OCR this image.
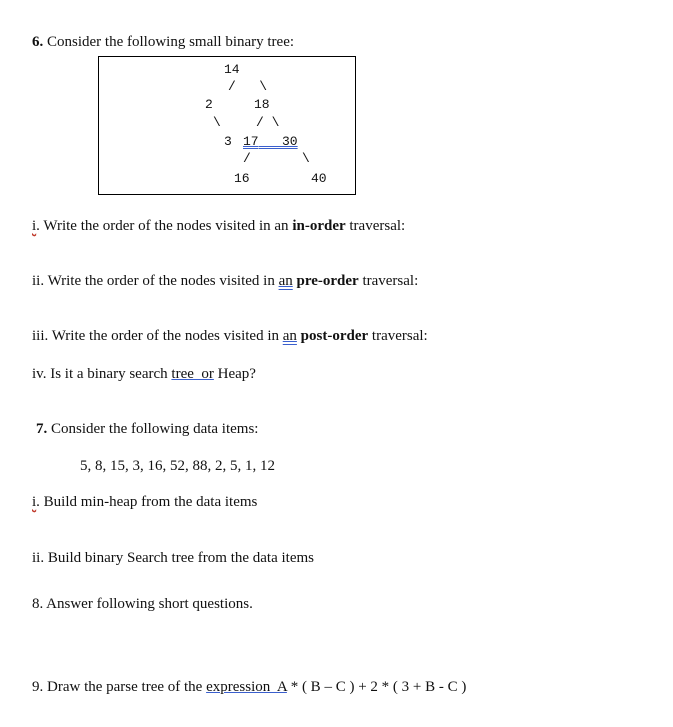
6. Consider the following small binary tree:
14
/   \
2	18
\	/ \
3 17
30
/	\
16	40
i. Write the order of the nodes visited in an in-order traversal:
ii. Write the order of the nodes visited in an pre-order traversal:
iii. Write the order of the nodes visited in an post-order traversal:
iv. Is it a binary search tree  or Heap?
7. Consider the following data items:
5, 8, 15, 3, 16, 52, 88, 2, 5, 1, 12
i. Build min-heap from the data items
ii. Build binary Search tree from the data items
8. Answer following short questions.
9. Draw the parse tree of the expression  A * ( B – C ) + 2 * ( 3 + B - C )
